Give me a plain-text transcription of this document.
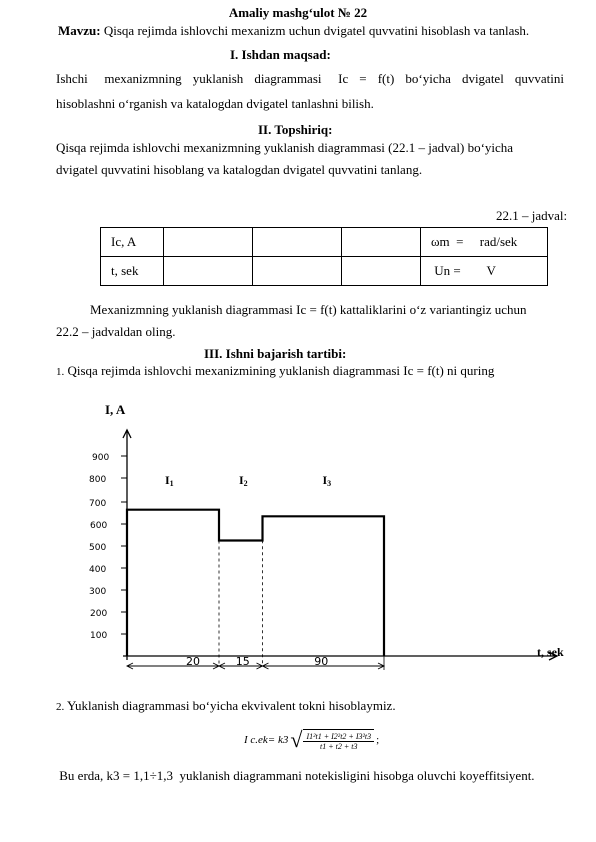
Amaliy mashg‘ulot № 22
Mavzu: Qisqa rejimda ishlovchi mexanizm uchun dvigatel quvvatini hisoblash va tanlash.
I. Ishdan maqsad:
Ishchi   mexanizmning  yuklanish  diagrammasi   Ic  =  f(t)  bo‘yicha  dvigatel  quvvatini
hisoblashni o‘rganish va katalogdan dvigatel tanlashni bilish.
II. Topshiriq:
Qisqa rejimda ishlovchi mexanizmning yuklanish diagrammasi (22.1 – jadval) bo‘yicha
dvigatel quvvatini hisoblang va katalogdan dvigatel quvvatini tanlang.
22.1 – jadval:
Ic, A				ωm  =     rad/sek
t, sek				Un =        V
Mexanizmning yuklanish diagrammasi Ic = f(t) kattaliklarini o‘z variantingiz uchun
22.2 – jadvaldan oling.
III. Ishni bajarish tartibi:
1. Qisqa rejimda ishlovchi mexanizmining yuklanish diagrammasi Ic = f(t) ni quring
I, A
t, sek
100
200
300
400
500
600
700
800
900
I1	I2	I3
20	15	90
2. Yuklanish diagrammasi bo‘yicha ekvivalent tokni hisoblaymiz.
I c.ek= k3 √ $\frac{\text{I1²t1 + I2²t2 + I3²t3}}{t1 + t2 + t3}$ ;
Bu erda, k3 = 1,1÷1,3  yuklanish diagrammani notekisligini hisobga oluvchi koyeffitsiyent.
